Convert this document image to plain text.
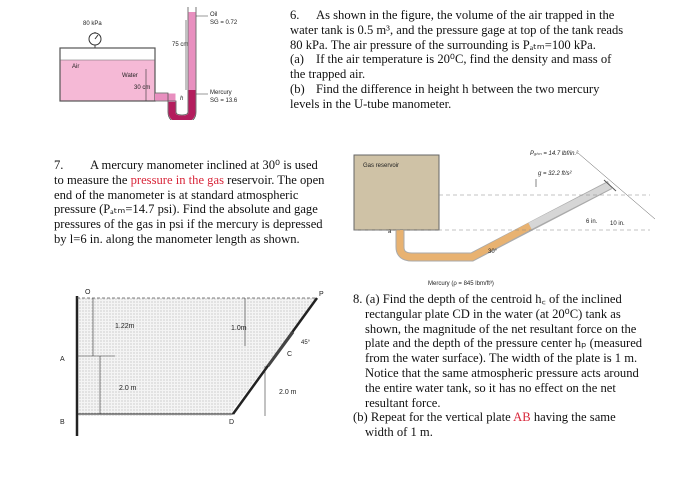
80 kPa
Air
Water
30 cm
75 cm
h
Oil
SG = 0.72
Mercury
SG = 13.6
6. As shown in the figure, the volume of the air trapped in the
water tank is 0.5 m³, and the pressure gage at top of the tank reads
80 kPa. The air pressure of the surrounding is Pₐₜₘ=100 kPa.
(a) If the air temperature is 20⁰C, find the density and mass of
the trapped air.
(b) Find the difference in height h between the two mercury
levels in the U-tube manometer.
7. A mercury manometer inclined at 30⁰ is used
to measure the pressure in the gas reservoir. The open
end of the manometer is at standard atmospheric
pressure (Pₐₜₘ=14.7 psi). Find the absolute and gage
pressures of the gas in psi if the mercury is depressed
by l=6 in. along the manometer length as shown.
Pₐₜₘ = 14.7 lbf/in.²
g = 32.2 ft/s²
Gas reservoir
a
30°
6 in. 10 in.
Mercury (ρ = 845 lbm/ft³)
O	P
1.22m	1.0m
45°
A
C
2.0 m
2.0 m
B	D
8. (a) Find the depth of the centroid h꜀ of the inclined
rectangular plate CD in the water (at 20⁰C) tank as
shown, the magnitude of the net resultant force on the
plate and the depth of the pressure center hₚ (measured
from the water surface). The width of the plate is 1 m.
Notice that the same atmospheric pressure acts around
the entire water tank, so it has no effect on the net
resultant force.
(b) Repeat for the vertical plate AB having the same
width of 1 m.
